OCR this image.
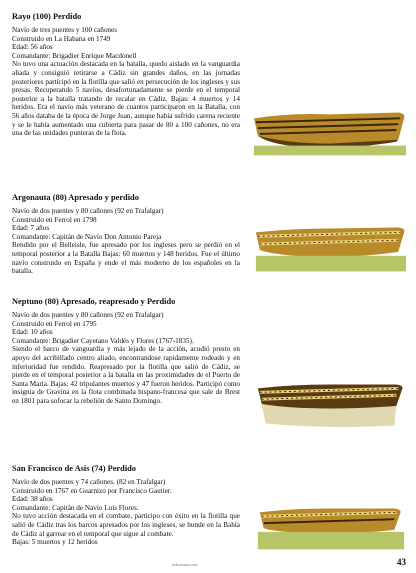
Rayo (100) Perdido
Navío de tres puentes y 100 cañones
Construido en La Habana en 1749
Edad: 56 años
Comandante: Brigadier Enrique Macdonell
No tuvo una actuación destacada en la batalla, quedo aislado en la vanguardia aliada y consiguió retirarse a Cádiz sin grandes daños, en las jornadas posteriores participó en la flotilla que salió en persecución de los ingleses y sus presas. Recuperando 5 navíos, desafortunadamente se pierde en el temporal posterior a la batalla tratando de recalar en Cádiz. Bajas: 4 muertos y 14 heridos. Era el navío más veterano de cuantos participaron en la Batalla, con 56 años databa de la época de Jorge Juan, aunque había sufrido carena reciente y se le había aumentado una cubierta para pasar de 80 a 100 cañones, no era una de las unidades punteras de la flota.
Argonauta (80) Apresado y perdido
Navío de dos puentes y 80 cañones (92 en Trafalgar)
Construido en Ferrol en 1798
Edad: 7 años
Comandante: Capitán de Navío Don Antonio Pareja
Rendido por el Belleisle, fue apresado por los ingleses pero se perdió en el temporal posterior a la Batalla Bajas: 60 muertos y 148 heridos. Fue el último navío construido en España y ende el más moderno de los españoles en la batalla.
Neptuno (80) Apresado, reapresado y Perdido
Navío de dos puentes y 80 cañones (92 en Trafalgar)
Construido en Ferrol en 1795
Edad: 10 años
Comandante: Brigadier Cayetano Valdés y Flores (1767-1835).
Siendo el barco de vanguardia y más lejado de la acción, acudió presto en apoyo del acribillado centro aliado, encontrandose rapidamente rodeado y en inferioridad fue rendido. Reapresado por la flotilla que salió de Cádiz, se pierde en el temporal posterior a la batalla en las proximidades de el Puerto de Santa María. Bajas: 42 tripulantes muertos y 47 fueron heridos. Participó como insignia de Gravina en la flota combinada hispano-francesa que sale de Brest en 1801 para sofocar la rebelión de Santo Domingo.
San Francisco de Asís (74) Perdido
Navío de dos puentes y 74 cañones. (82 en Trafalgar)
Construido en 1767 en Guarnizo por Francisco Gautier.
Edad: 38 años
Comandante: Capitán de Navío Luis Flores.
No tuvo acción destacada en el combate, participo con éxito en la flotilla que salió de Cádiz tras los barcos apresados por los ingleses, se hunde en la Bahía de Cádiz al garrear en el temporal que sigue al combate.
Bajas: 5 muertos y 12 heridos
todoavante.com	43
